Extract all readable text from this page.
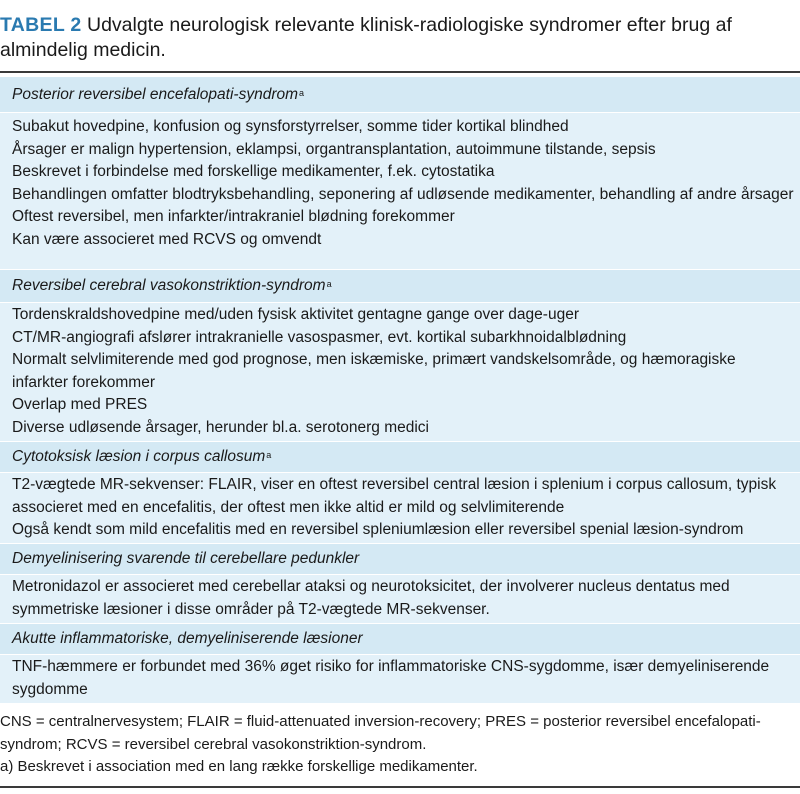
TABEL 2 Udvalgte neurologisk relevante klinisk-radiologiske syndromer efter brug af almindelig medicin.
Posterior reversibel encefalopati-syndrom$^a$
Subakut hovedpine, konfusion og synsforstyrrelser, somme tider kortikal blindhed
Årsager er malign hypertension, eklampsi, organtransplantation, autoimmune tilstande, sepsis
Beskrevet i forbindelse med forskellige medikamenter, f.ek. cytostatika
Behandlingen omfatter blodtryksbehandling, seponering af udløsende medikamenter, behandling af andre årsager
Oftest reversibel, men infarkter/intrakraniel blødning forekommer
Kan være associeret med RCVS og omvendt
Reversibel cerebral vasokonstriktion-syndrom$^a$
Tordenskraldshovedpine med/uden fysisk aktivitet gentagne gange over dage-uger
CT/MR-angiografi afslører intrakranielle vasospasmer, evt. kortikal subarkhnoidalblødning
Normalt selvlimiterende med god prognose, men iskæmiske, primært vandskelsområde, og hæmoragiske infarkter forekommer
Overlap med PRES
Diverse udløsende årsager, herunder bl.a. serotonerg medici
Cytotoksisk læsion i corpus callosum$^a$
T2-vægtede MR-sekvenser: FLAIR, viser en oftest reversibel central læsion i splenium i corpus callosum, typisk associeret med en encefalitis, der oftest men ikke altid er mild og selvlimiterende
Også kendt som mild encefalitis med en reversibel spleniumlæsion eller reversibel spenial læsion-syndrom
Demyelinisering svarende til cerebellare pedunkler
Metronidazol er associeret med cerebellar ataksi og neurotoksicitet, der involverer nucleus dentatus med symmetriske læsioner i disse områder på T2-vægtede MR-sekvenser.
Akutte inflammatoriske, demyeliniserende læsioner
TNF-hæmmere er forbundet med 36% øget risiko for inflammatoriske CNS-sygdomme, især demyeliniserende sygdomme
CNS = centralnervesystem; FLAIR = fluid-attenuated inversion-recovery; PRES = posterior reversibel encefalopati-syndrom; RCVS = reversibel cerebral vasokonstriktion-syndrom.
a) Beskrevet i association med en lang række forskellige medikamenter.
